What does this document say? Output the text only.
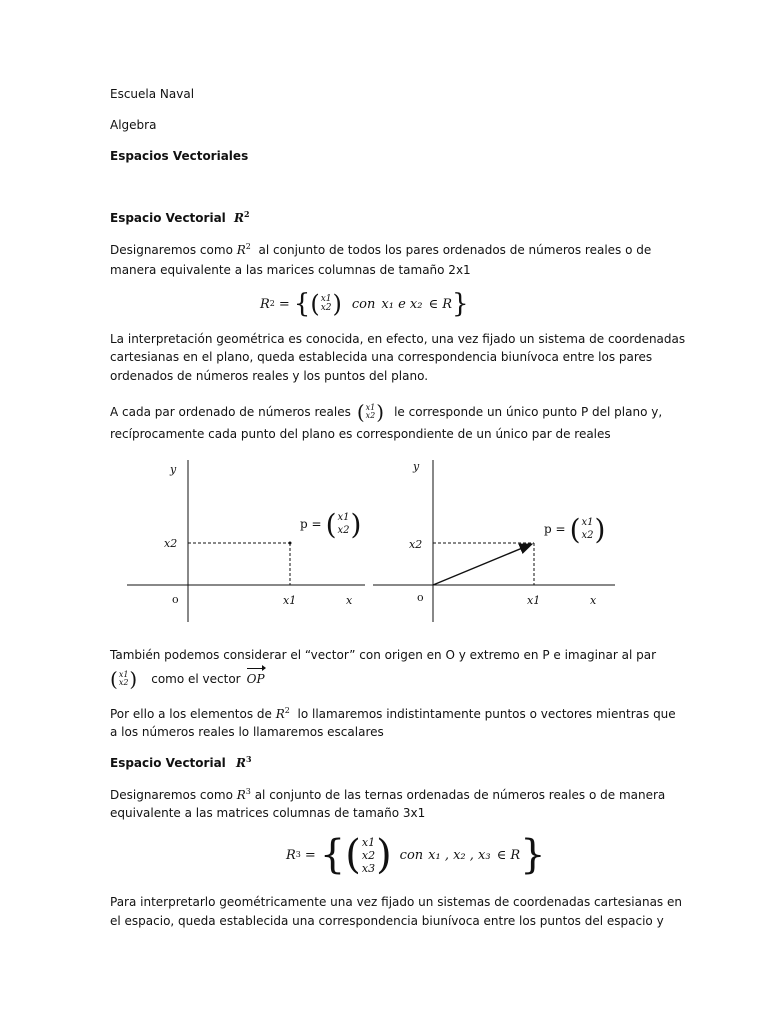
Escuela Naval
Algebra
Espacios Vectoriales
Espacio Vectorial $R^2$
Designaremos como $R^2$ al conjunto de todos los pares ordenados de números reales o de
manera equivalente a las marices columnas de tamaño 2x1
R 2 = { ( x1
x2 ) con x₁ e x₂ ∈ R }
La interpretación geométrica es conocida, en efecto, una vez fijado un sistema de coordenadas
cartesianas en el plano, queda establecida una correspondencia biunívoca entre los pares
ordenados de números reales y los puntos del plano.
A cada par ordenado de números reales ( x1
x2 ) le corresponde un único punto P del plano y,
recíprocamente cada punto del plano es correspondiente de un único par de reales
y
x
o	x1
x2
p = ( x1
x2 )
y
x
o	x1
x2
p = ( x1
x2 )
También podemos considerar el “vector” con origen en O y extremo en P e imaginar al par
( x1
x2 ) como el vector OP
Por ello a los elementos de $R^2$ lo llamaremos indistintamente puntos o vectores mientras que
a los números reales lo llamaremos escalares
Espacio Vectorial $R^3$
Designaremos como $R^3$ al conjunto de las ternas ordenadas de números reales o de manera
equivalente a las matrices columnas de tamaño 3x1
R 3 = { ( x1
x2
x3 ) con x₁ , x₂ , x₃ ∈ R }
Para interpretarlo geométricamente una vez fijado un sistemas de coordenadas cartesianas en
el espacio, queda establecida una correspondencia biunívoca entre los puntos del espacio y
